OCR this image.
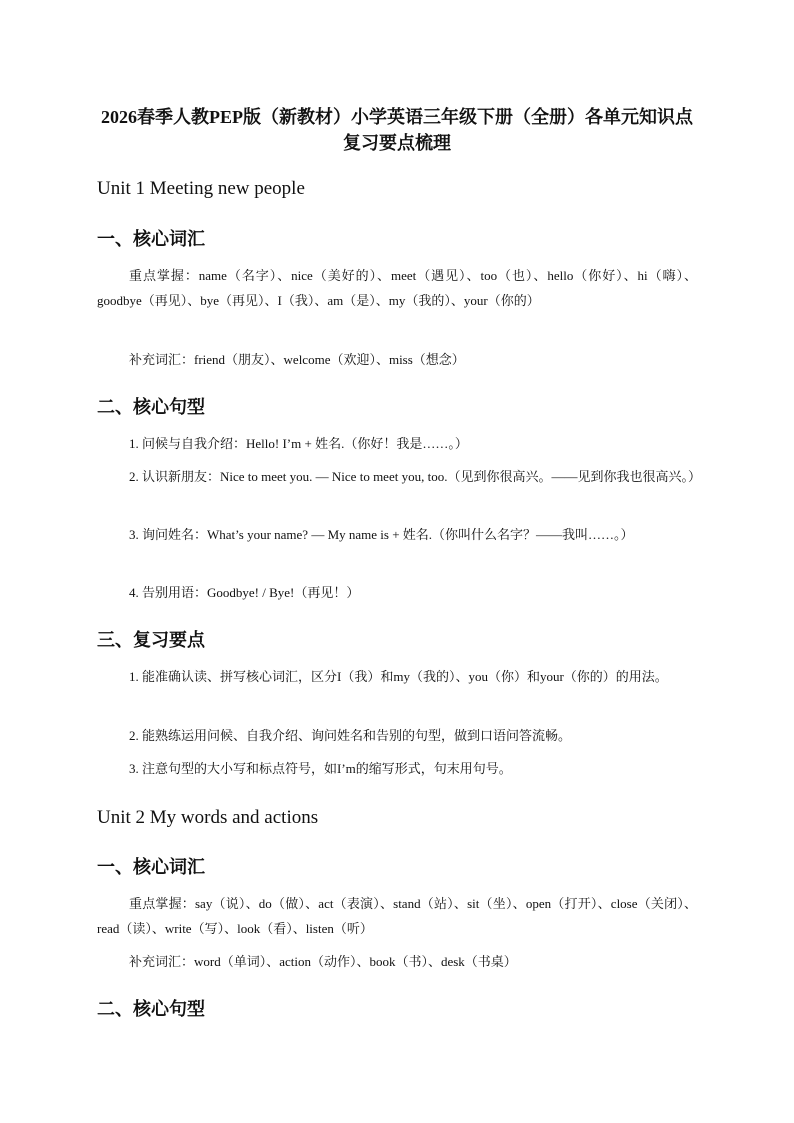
2026春季人教PEP版（新教材）小学英语三年级下册（全册）各单元知识点复习要点梳理
Unit 1 Meeting new people
一、核心词汇

重点掌握：name（名字）、nice（美好的）、meet（遇见）、too（也）、hello（你好）、hi（嗨）、goodbye（再见）、bye（再见）、I（我）、am（是）、my（我的）、your（你的）

补充词汇：friend（朋友）、welcome（欢迎）、miss（想念）

二、核心句型

1. 问候与自我介绍：Hello! I’m + 姓名.（你好！我是……。）

2. 认识新朋友：Nice to meet you. — Nice to meet you, too.（见到你很高兴。——见到你我也很高兴。）

3. 询问姓名：What’s your name? — My name is + 姓名.（你叫什么名字？——我叫……。）

4. 告别用语：Goodbye! / Bye!（再见！）

三、复习要点

1. 能准确认读、拼写核心词汇，区分I（我）和my（我的）、you（你）和your（你的）的用法。

2. 能熟练运用问候、自我介绍、询问姓名和告别的句型，做到口语问答流畅。

3. 注意句型的大小写和标点符号，如I’m的缩写形式，句末用句号。

Unit 2 My words and actions
一、核心词汇

重点掌握：say（说）、do（做）、act（表演）、stand（站）、sit（坐）、open（打开）、close（关闭）、read（读）、write（写）、look（看）、listen（听）

补充词汇：word（单词）、action（动作）、book（书）、desk（书桌）

二、核心句型
